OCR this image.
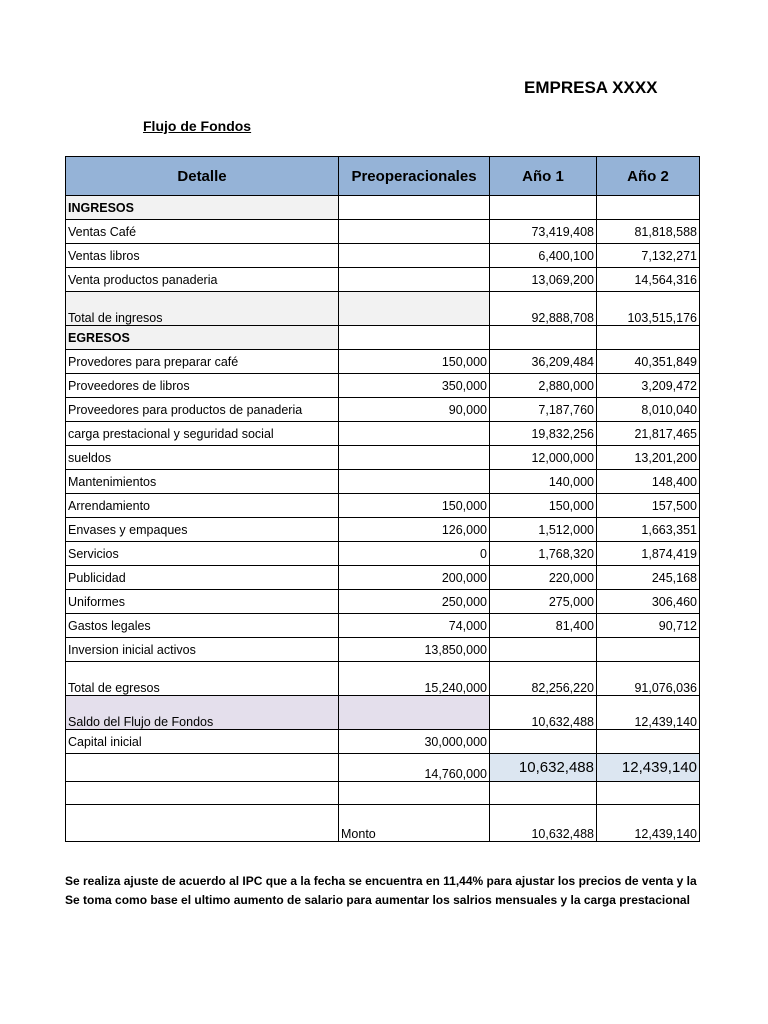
EMPRESA XXXX
Flujo de Fondos
Detalle	Preoperacionales	Año 1	Año 2
INGRESOS			
Ventas Café		73,419,408	81,818,588
Ventas libros		6,400,100	7,132,271
Venta productos panaderia		13,069,200	14,564,316
Total de ingresos		92,888,708	103,515,176
EGRESOS			
Provedores para preparar café	150,000	36,209,484	40,351,849
Proveedores de libros	350,000	2,880,000	3,209,472
Proveedores para productos de panaderia	90,000	7,187,760	8,010,040
carga prestacional y seguridad social		19,832,256	21,817,465
sueldos		12,000,000	13,201,200
Mantenimientos		140,000	148,400
Arrendamiento	150,000	150,000	157,500
Envases y empaques	126,000	1,512,000	1,663,351
Servicios	0	1,768,320	1,874,419
Publicidad	200,000	220,000	245,168
Uniformes	250,000	275,000	306,460
Gastos legales	74,000	81,400	90,712
Inversion inicial activos	13,850,000		
Total de egresos	15,240,000	82,256,220	91,076,036
Saldo del Flujo de Fondos		10,632,488	12,439,140
Capital inicial	30,000,000		
	14,760,000	10,632,488	12,439,140

	Monto	10,632,488	12,439,140
Se realiza ajuste de acuerdo al IPC que a la fecha se encuentra en 11,44% para ajustar los precios de venta y la
Se toma como base el ultimo aumento de salario para aumentar los salrios mensuales y la carga prestacional
